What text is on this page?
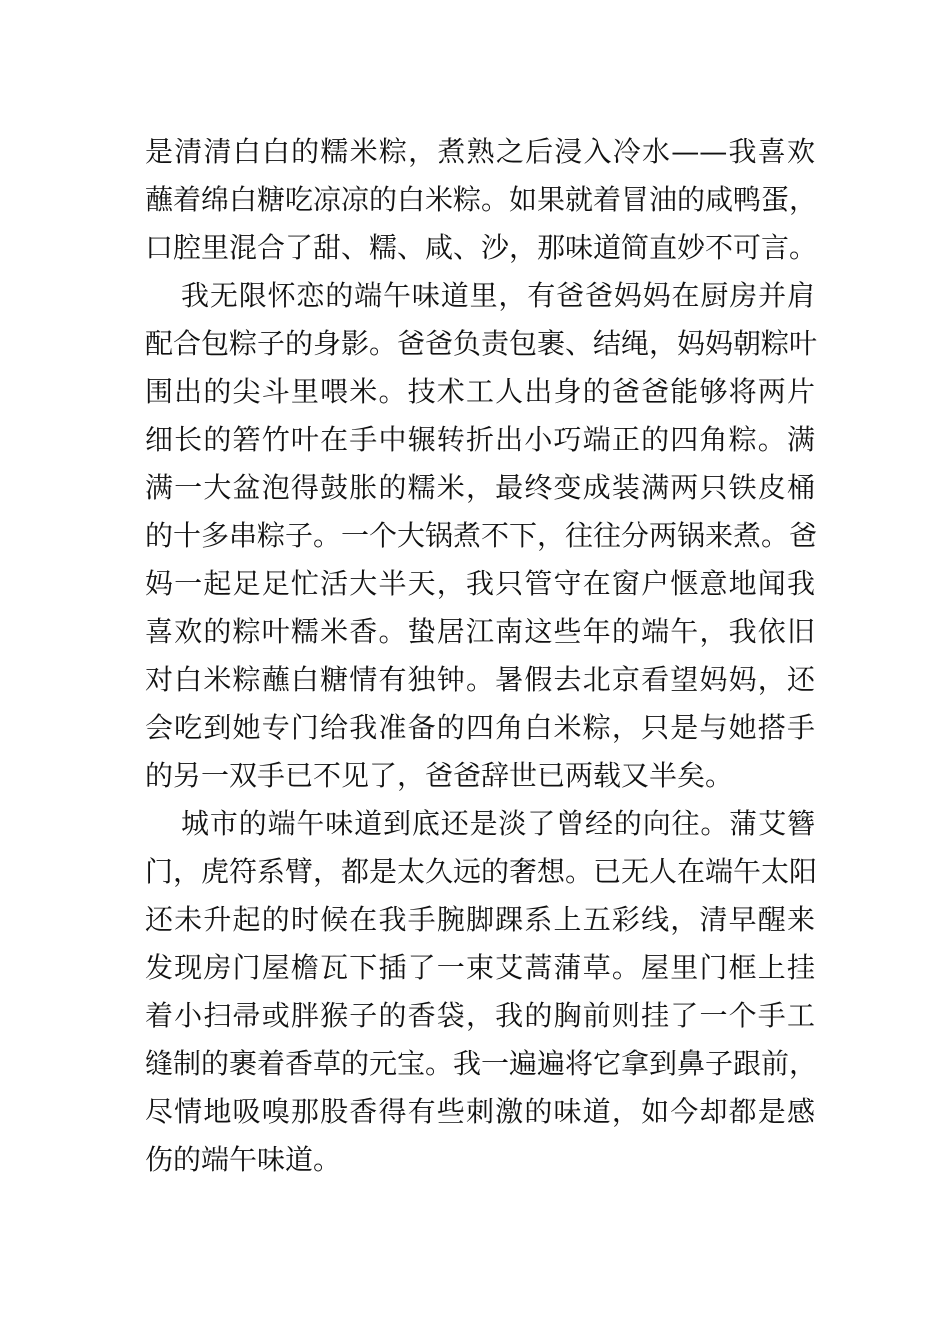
是清清白白的糯米粽，煮熟之后浸入冷水——我喜欢
蘸着绵白糖吃凉凉的白米粽。如果就着冒油的咸鸭蛋，
口腔里混合了甜、糯、咸、沙，那味道简直妙不可言。
我无限怀恋的端午味道里，有爸爸妈妈在厨房并肩
配合包粽子的身影。爸爸负责包裹、结绳，妈妈朝粽叶
围出的尖斗里喂米。技术工人出身的爸爸能够将两片
细长的箬竹叶在手中辗转折出小巧端正的四角粽。满
满一大盆泡得鼓胀的糯米，最终变成装满两只铁皮桶
的十多串粽子。一个大锅煮不下，往往分两锅来煮。爸
妈一起足足忙活大半天，我只管守在窗户惬意地闻我
喜欢的粽叶糯米香。蛰居江南这些年的端午，我依旧
对白米粽蘸白糖情有独钟。暑假去北京看望妈妈，还
会吃到她专门给我准备的四角白米粽，只是与她搭手
的另一双手已不见了，爸爸辞世已两载又半矣。
城市的端午味道到底还是淡了曾经的向往。蒲艾簪
门，虎符系臂，都是太久远的奢想。已无人在端午太阳
还未升起的时候在我手腕脚踝系上五彩线，清早醒来
发现房门屋檐瓦下插了一束艾蒿蒲草。屋里门框上挂
着小扫帚或胖猴子的香袋，我的胸前则挂了一个手工
缝制的裹着香草的元宝。我一遍遍将它拿到鼻子跟前，
尽情地吸嗅那股香得有些刺激的味道，如今却都是感
伤的端午味道。
